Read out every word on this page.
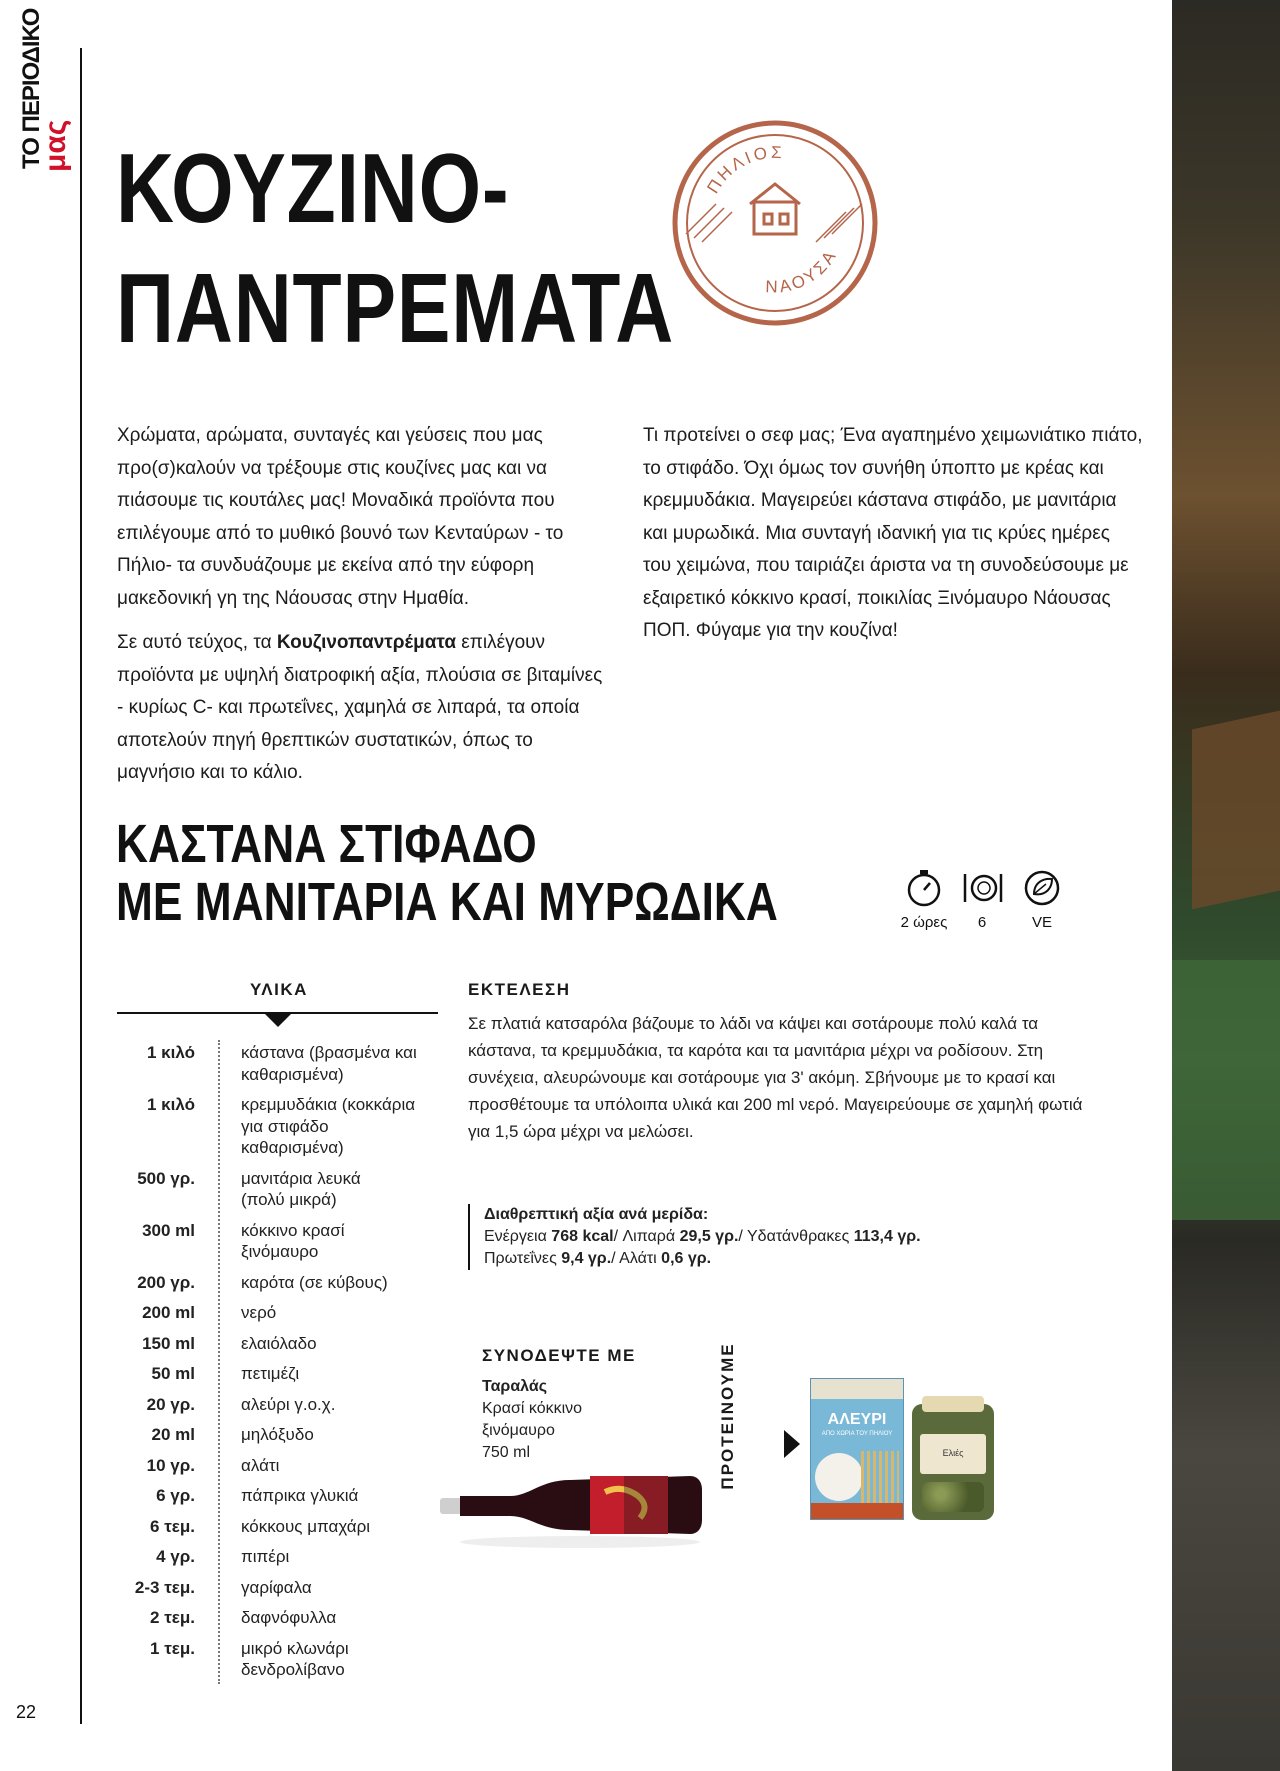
ΤΟ ΠΕΡΙΟΔΙΚΟ
μας
22
ΚΟΥΖΙΝΟ-
ΠΑΝΤΡΕΜΑΤΑ
ΠΗΛΙΟΣ
ΝΑΟΥΣΑ

Χρώματα, αρώματα, συνταγές και γεύσεις που μας προ(σ)καλούν να τρέξουμε στις κουζίνες μας και να πιάσουμε τις κουτάλες μας! Μοναδικά προϊόντα που επιλέγουμε από το μυθικό βουνό των Κενταύρων - το Πήλιο- τα συνδυάζουμε με εκείνα από την εύφορη μακεδονική γη της Νάουσας στην Ημαθία.

Σε αυτό τεύχος, τα Κουζινοπαντρέματα επιλέγουν προϊόντα με υψηλή διατροφική αξία, πλούσια σε βιταμίνες - κυρίως C- και πρωτεΐνες, χαμηλά σε λιπαρά, τα οποία αποτελούν πηγή θρεπτικών συστατικών, όπως το μαγνήσιο και το κάλιο.

Τι προτείνει ο σεφ μας; Ένα αγαπημένο χειμωνιάτικο πιάτο, το στιφάδο. Όχι όμως τον συνήθη ύποπτο με κρέας και κρεμμυδάκια. Μαγειρεύει κάστανα στιφάδο, με μανιτάρια και μυρωδικά. Μια συνταγή ιδανική για τις κρύες ημέρες του χειμώνα, που ταιριάζει άριστα να τη συνοδεύσουμε με εξαιρετικό κόκκινο κρασί, ποικιλίας Ξινόμαυρο Νάουσας ΠΟΠ. Φύγαμε για την κουζίνα!

ΚΑΣΤΑΝΑ ΣΤΙΦΑΔΟ
ΜΕ ΜΑΝΙΤΑΡΙΑ ΚΑΙ ΜΥΡΩΔΙΚΑ	2 ώρες	6	VE
ΥΛΙΚΑ
1 κιλό	κάστανα (βρασμένα και καθαρισμένα)
1 κιλό	κρεμμυδάκια (κοκκάρια για στιφάδο καθαρισμένα)
500 γρ.	μανιτάρια λευκά (πολύ μικρά)
300 ml	κόκκινο κρασί ξινόμαυρο
200 γρ.	καρότα (σε κύβους)
200 ml	νερό
150 ml	ελαιόλαδο
50 ml	πετιμέζι
20 γρ.	αλεύρι γ.ο.χ.
20 ml	μηλόξυδο
10 γρ.	αλάτι
6 γρ.	πάπρικα γλυκιά
6 τεμ.	κόκκους μπαχάρι
4 γρ.	πιπέρι
2-3 τεμ.	γαρίφαλα
2 τεμ.	δαφνόφυλλα
1 τεμ.	μικρό κλωνάρι δενδρολίβανο
ΕΚΤΕΛΕΣΗ
Σε πλατιά κατσαρόλα βάζουμε το λάδι να κάψει και σοτάρουμε πολύ καλά τα κάστανα, τα κρεμμυδάκια, τα καρότα και τα μανιτάρια μέχρι να ροδίσουν. Στη συνέχεια, αλευρώνουμε και σοτάρουμε για 3' ακόμη. Σβήνουμε με το κρασί και προσθέτουμε τα υπόλοιπα υλικά και 200 ml νερό. Μαγειρεύουμε σε χαμηλή φωτιά για 1,5 ώρα μέχρι να μελώσει.
Διαθρεπτική αξία ανά μερίδα:
Ενέργεια 768 kcal/ Λιπαρά 29,5 γρ./ Υδατάνθρακες 113,4 γρ.
Πρωτεΐνες 9,4 γρ./ Αλάτι 0,6 γρ.
ΣΥΝΟΔΕΨΤΕ ΜΕ
Ταραλάς
Κρασί κόκκινο
ξινόμαυρο
750 ml	ΠΡΟΤΕΙΝΟΥΜΕ	ΑΛΕΥΡΙ
ΑΠΟ ΧΩΡΙΑ ΤΟΥ ΠΗΛΙΟΥ
Ελιές
